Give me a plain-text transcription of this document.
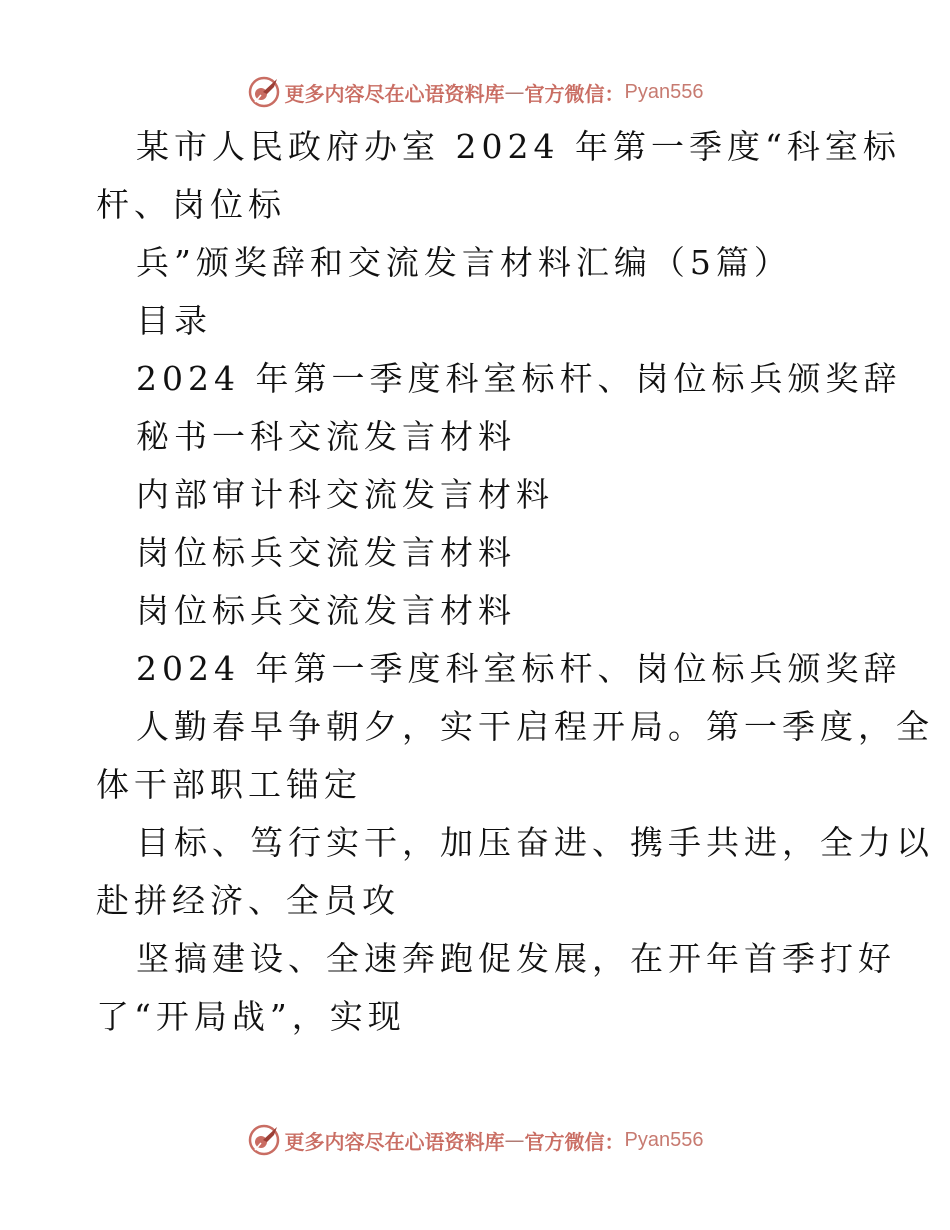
更多内容尽在心语资料库 — 官方微信： Pyan556
某市人民政府办室 2024 年第一季度“科室标
杆、岗位标
兵”颁奖辞和交流发言材料汇编（5篇）
目录
2024 年第一季度科室标杆、岗位标兵颁奖辞
秘书一科交流发言材料
内部审计科交流发言材料
岗位标兵交流发言材料
岗位标兵交流发言材料
2024 年第一季度科室标杆、岗位标兵颁奖辞
人勤春早争朝夕，实干启程开局。第一季度，全
体干部职工锚定
目标、笃行实干，加压奋进、携手共进，全力以
赴拼经济、全员攻
坚搞建设、全速奔跑促发展，在开年首季打好
了“开局战”，实现
更多内容尽在心语资料库 — 官方微信： Pyan556
